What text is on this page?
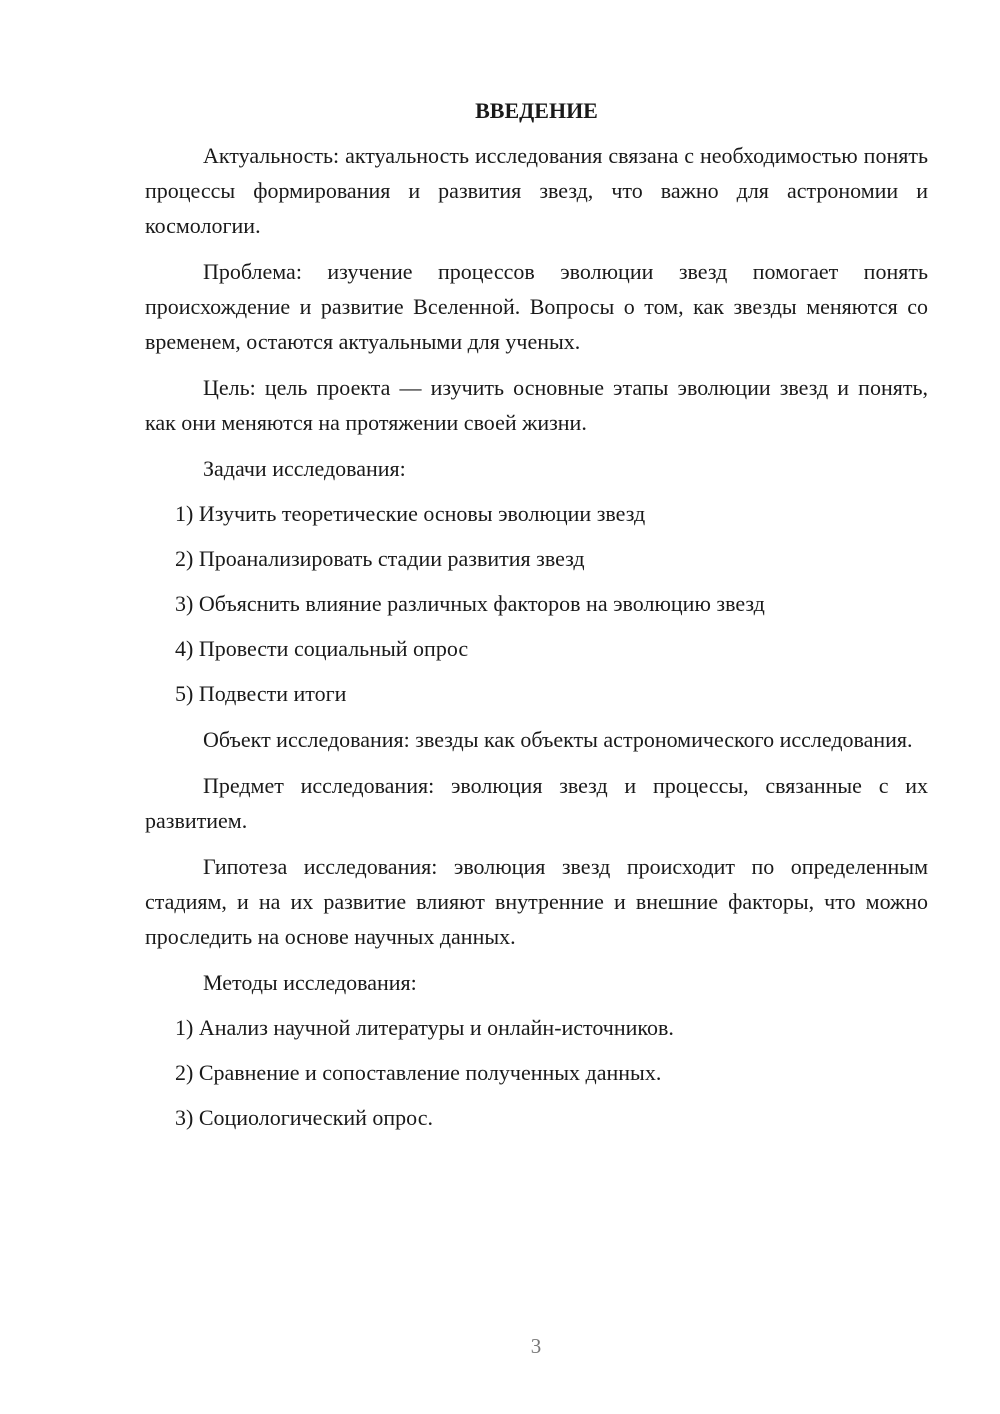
ВВЕДЕНИЕ

Актуальность: актуальность исследования связана с необходимостью понять процессы формирования и развития звезд, что важно для астрономии и космологии.

Проблема: изучение процессов эволюции звезд помогает понять происхождение и развитие Вселенной. Вопросы о том, как звезды меняются со временем, остаются актуальными для ученых.

Цель: цель проекта — изучить основные этапы эволюции звезд и понять, как они меняются на протяжении своей жизни.

Задачи исследования:

1) Изучить теоретические основы эволюции звезд
2) Проанализировать стадии развития звезд
3) Объяснить влияние различных факторов на эволюцию звезд
4) Провести социальный опрос
5) Подвести итоги

Объект исследования: звезды как объекты астрономического исследования.

Предмет исследования: эволюция звезд и процессы, связанные с их развитием.

Гипотеза исследования: эволюция звезд происходит по определенным стадиям, и на их развитие влияют внутренние и внешние факторы, что можно проследить на основе научных данных.

Методы исследования:

1) Анализ научной литературы и онлайн-источников.
2) Сравнение и сопоставление полученных данных.
3) Социологический опрос.
3
